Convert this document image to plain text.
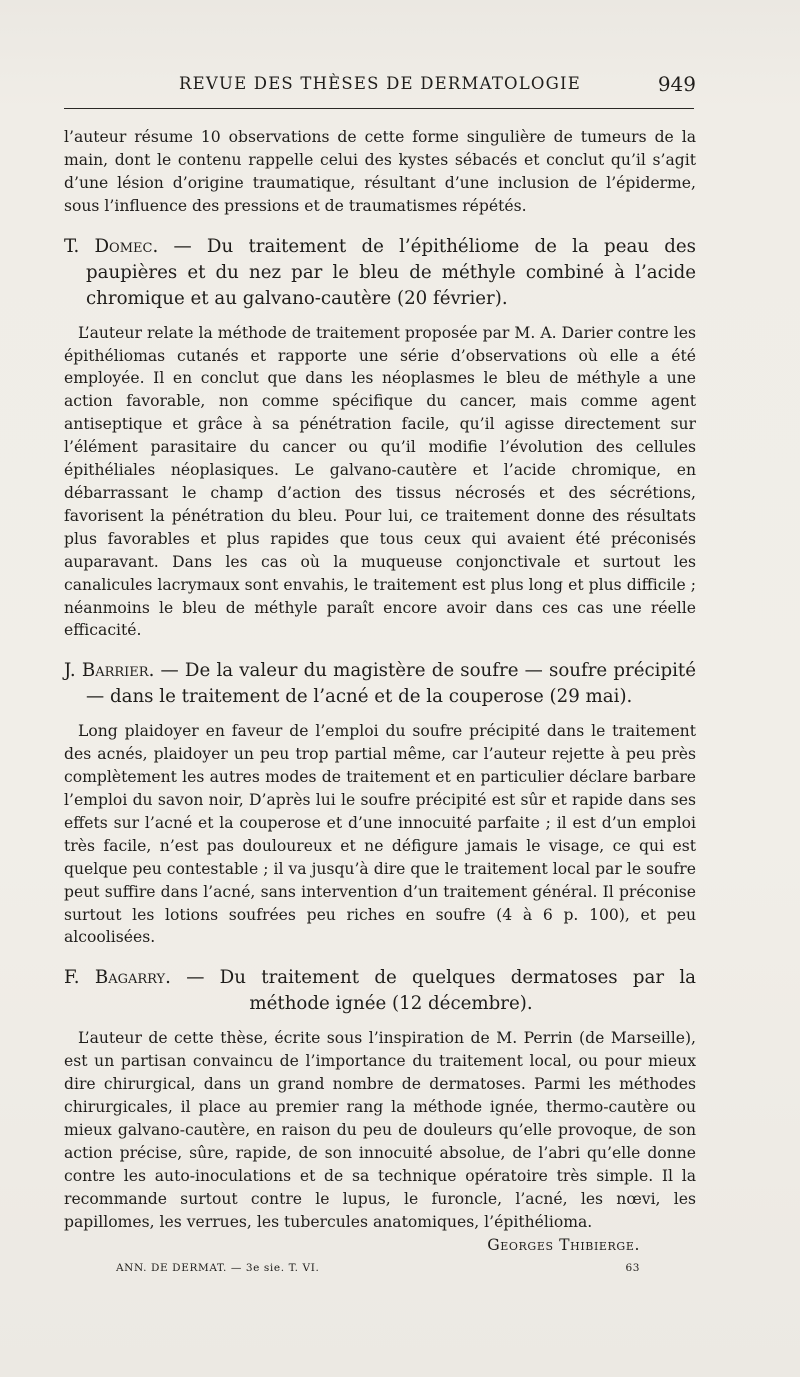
REVUE DES THÈSES DE DERMATOLOGIE	949

l’auteur résume 10 observations de cette forme singulière de tumeurs de la main, dont le contenu rappelle celui des kystes sébacés et conclut qu’il s’agit d’une lésion d’origine traumatique, résultant d’une inclusion de l’épiderme, sous l’influence des pressions et de traumatismes répétés.

T. Domec. — Du traitement de l’épithéliome de la peau des paupières et du nez par le bleu de méthyle combiné à l’acide chromique et au galvano-cautère (20 février).

L’auteur relate la méthode de traitement proposée par M. A. Darier contre les épithéliomas cutanés et rapporte une série d’observations où elle a été employée. Il en conclut que dans les néoplasmes le bleu de méthyle a une action favorable, non comme spécifique du cancer, mais comme agent antiseptique et grâce à sa pénétration facile, qu’il agisse directement sur l’élément parasitaire du cancer ou qu’il modifie l’évolution des cellules épithéliales néoplasiques. Le galvano-cautère et l’acide chromique, en débarrassant le champ d’action des tissus nécrosés et des sécrétions, favorisent la pénétration du bleu. Pour lui, ce traitement donne des résultats plus favorables et plus rapides que tous ceux qui avaient été préconisés auparavant. Dans les cas où la muqueuse conjonctivale et surtout les canalicules lacrymaux sont envahis, le traitement est plus long et plus difficile ; néanmoins le bleu de méthyle paraît encore avoir dans ces cas une réelle efficacité.

J. Barrier. — De la valeur du magistère de soufre — soufre précipité — dans le traitement de l’acné et de la couperose (29 mai).

Long plaidoyer en faveur de l’emploi du soufre précipité dans le traitement des acnés, plaidoyer un peu trop partial même, car l’auteur rejette à peu près complètement les autres modes de traitement et en particulier déclare barbare l’emploi du savon noir, D’après lui le soufre précipité est sûr et rapide dans ses effets sur l’acné et la couperose et d’une innocuité parfaite ; il est d’un emploi très facile, n’est pas douloureux et ne défigure jamais le visage, ce qui est quelque peu contestable ; il va jusqu’à dire que le traitement local par le soufre peut suffire dans l’acné, sans intervention d’un traitement général. Il préconise surtout les lotions soufrées peu riches en soufre (4 à 6 p. 100), et peu alcoolisées.

F. Bagarry. — Du traitement de quelques dermatoses par la méthode ignée (12 décembre).

L’auteur de cette thèse, écrite sous l’inspiration de M. Perrin (de Marseille), est un partisan convaincu de l’importance du traitement local, ou pour mieux dire chirurgical, dans un grand nombre de dermatoses. Parmi les méthodes chirurgicales, il place au premier rang la méthode ignée, thermo-cautère ou mieux galvano-cautère, en raison du peu de douleurs qu’elle provoque, de son action précise, sûre, rapide, de son innocuité absolue, de l’abri qu’elle donne contre les auto-inoculations et de sa technique opératoire très simple. Il la recommande surtout contre le lupus, le furoncle, l’acné, les nœvi, les papillomes, les verrues, les tubercules anatomiques, l’épithélioma.

Georges Thibierge.
ANN. DE DERMAT. — 3e sie. T. VI.	63
